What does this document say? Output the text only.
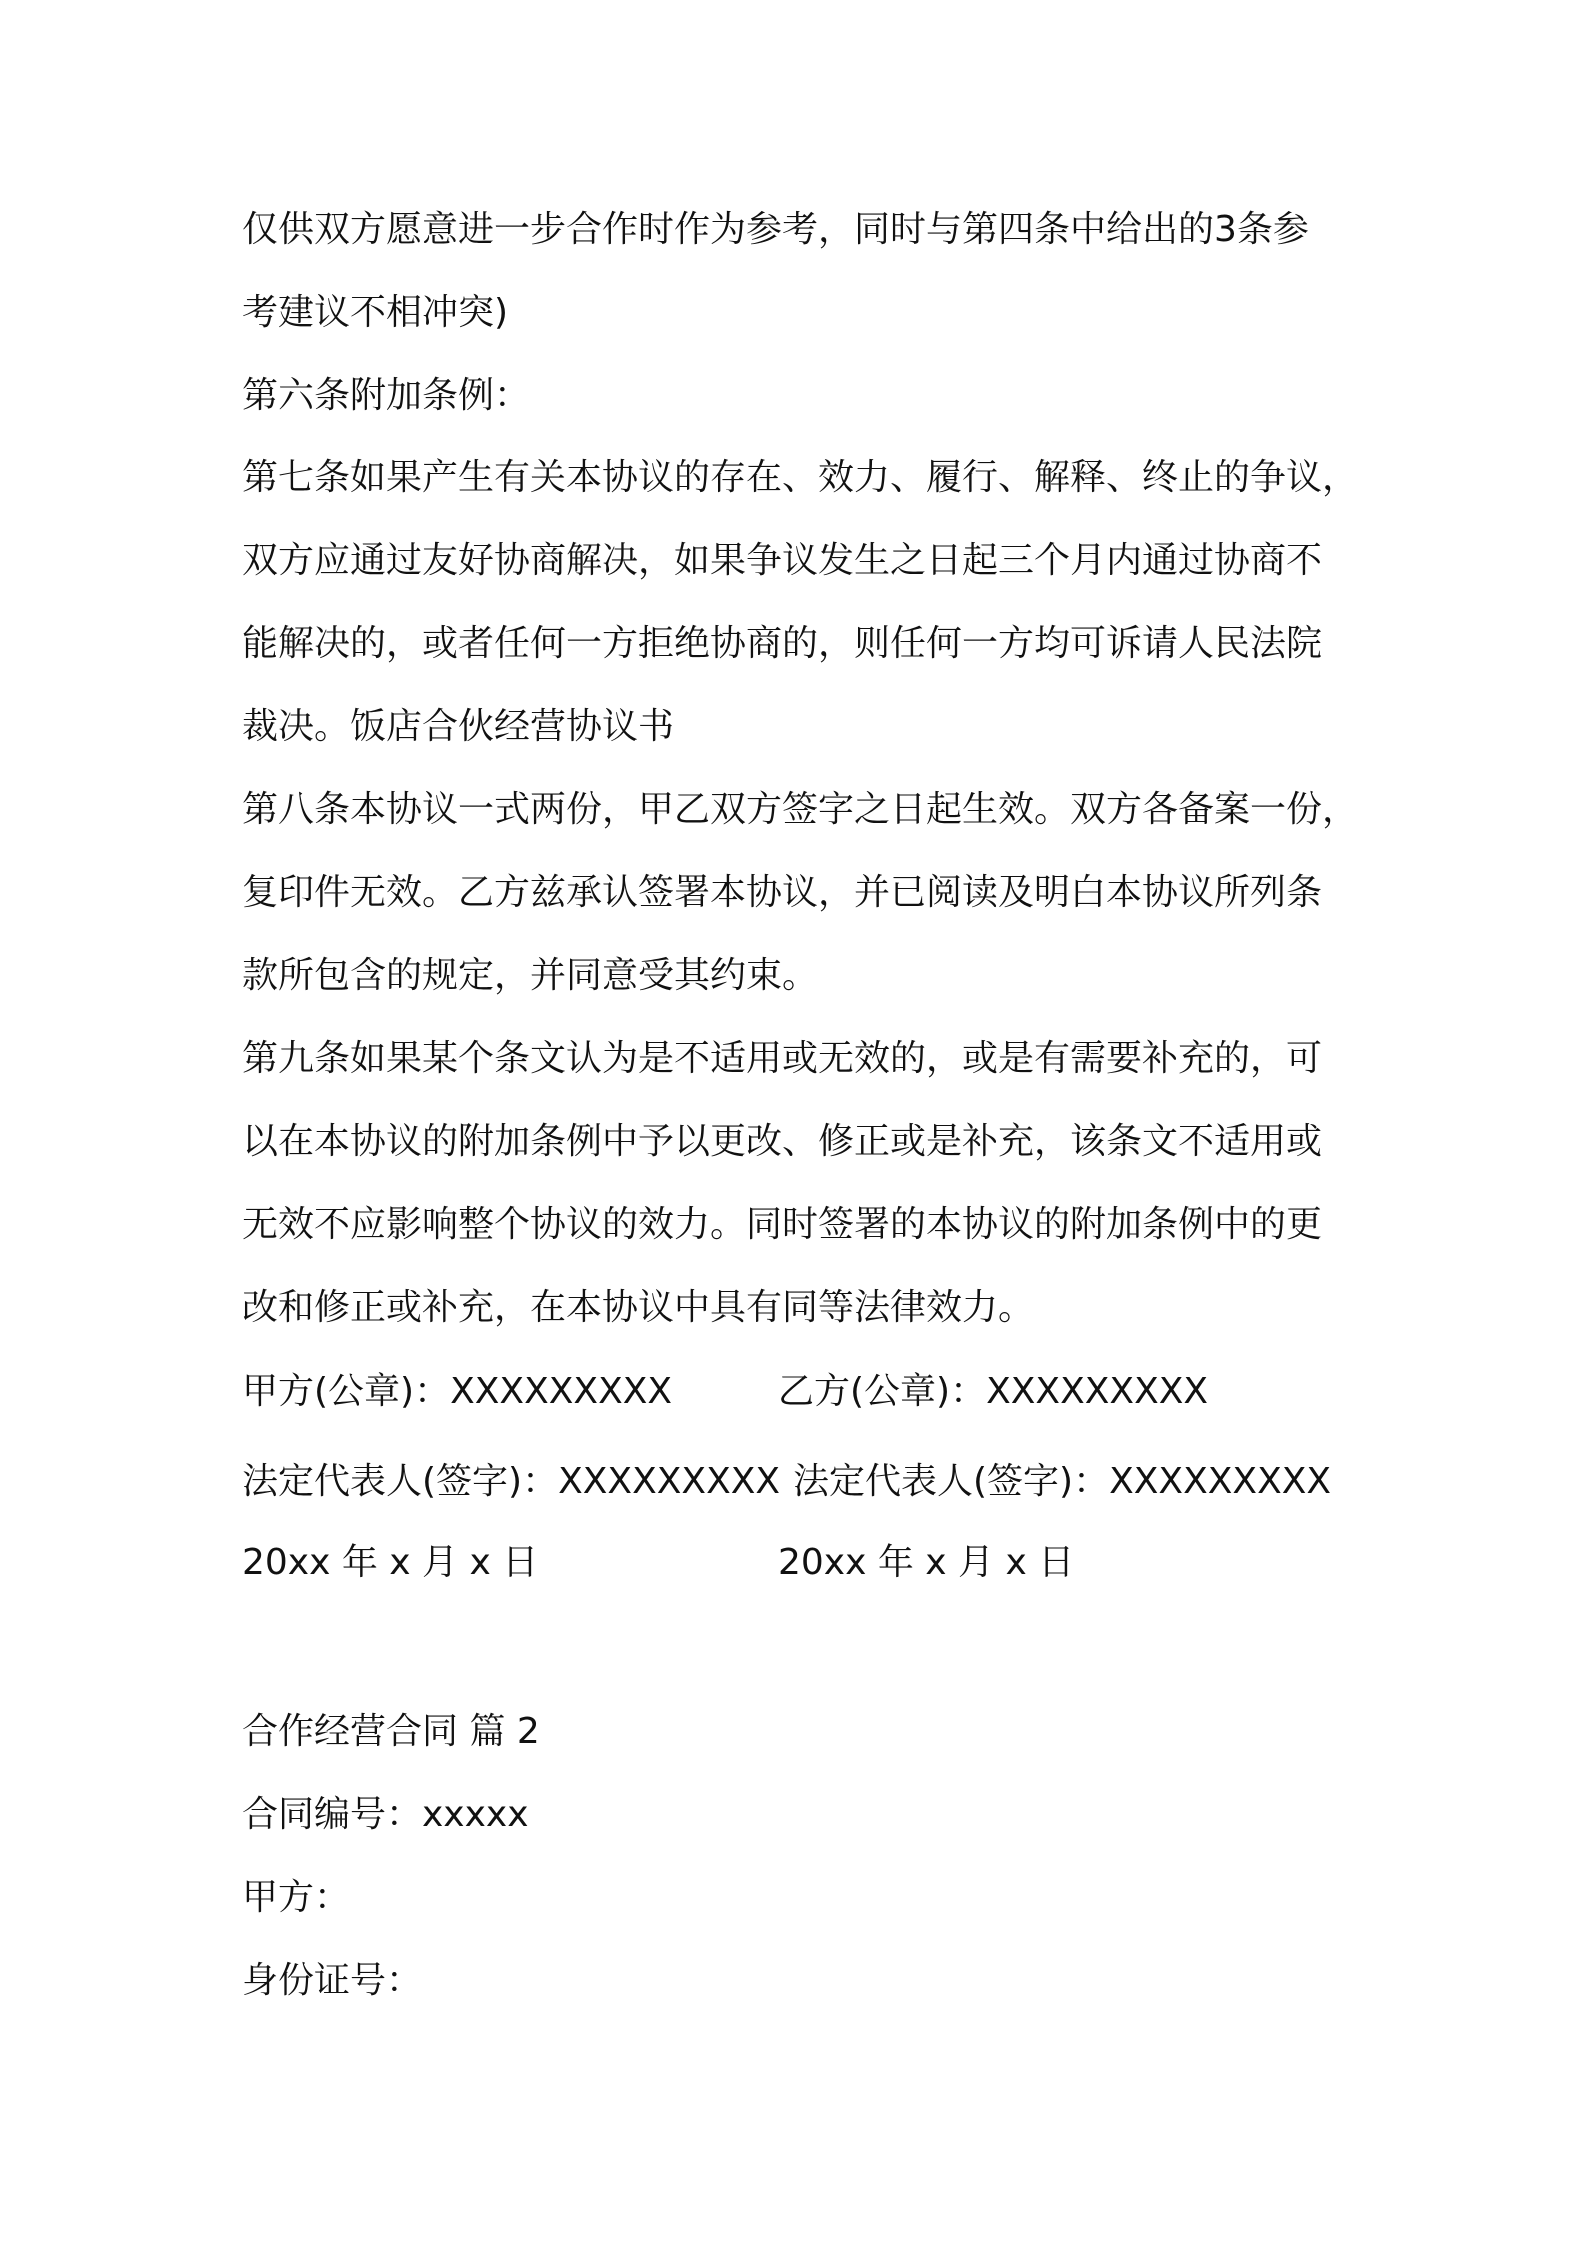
仅供双方愿意进一步合作时作为参考，同时与第四条中给出的3条参
考建议不相冲突)
第六条附加条例：
第七条如果产生有关本协议的存在、效力、履行、解释、终止的争议，
双方应通过友好协商解决，如果争议发生之日起三个月内通过协商不
能解决的，或者任何一方拒绝协商的，则任何一方均可诉请人民法院
裁决。饭店合伙经营协议书
第八条本协议一式两份，甲乙双方签字之日起生效。双方各备案一份，
复印件无效。乙方兹承认签署本协议，并已阅读及明白本协议所列条
款所包含的规定，并同意受其约束。
第九条如果某个条文认为是不适用或无效的，或是有需要补充的，可
以在本协议的附加条例中予以更改、修正或是补充，该条文不适用或
无效不应影响整个协议的效力。同时签署的本协议的附加条例中的更
改和修正或补充，在本协议中具有同等法律效力。
甲方(公章)：XXXXXXXXX	乙方(公章)：XXXXXXXXX
法定代表人(签字)：XXXXXXXXX 法定代表人(签字)：XXXXXXXXX
20xx 年 x 月 x 日	20xx 年 x 月 x 日
合作经营合同 篇 2
合同编号：xxxxx
甲方：
身份证号：
